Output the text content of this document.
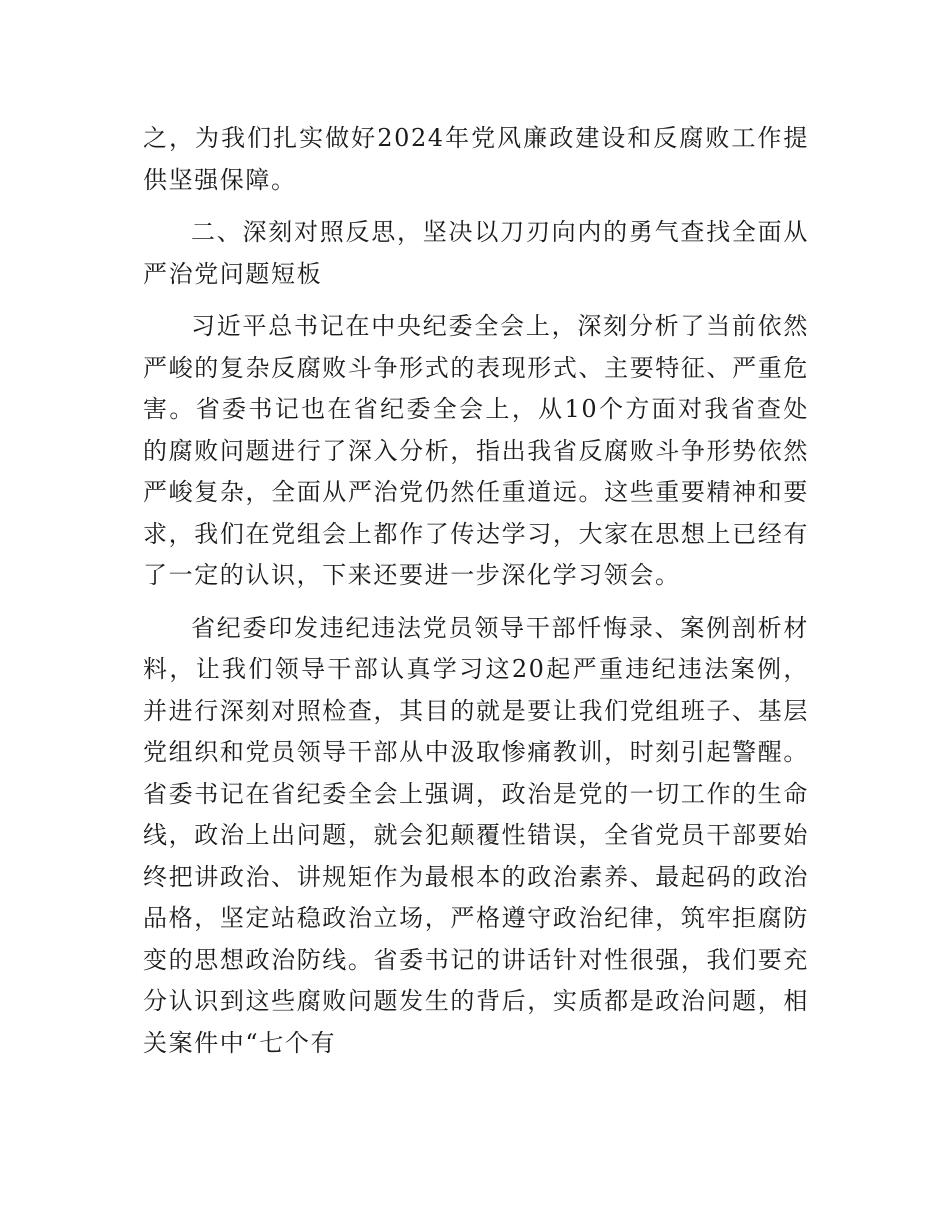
之，为我们扎实做好2024年党风廉政建设和反腐败工作提供坚强保障。

二、深刻对照反思，坚决以刀刃向内的勇气查找全面从严治党问题短板

习近平总书记在中央纪委全会上，深刻分析了当前依然严峻的复杂反腐败斗争形式的表现形式、主要特征、严重危害。省委书记也在省纪委全会上，从10个方面对我省查处的腐败问题进行了深入分析，指出我省反腐败斗争形势依然严峻复杂，全面从严治党仍然任重道远。这些重要精神和要求，我们在党组会上都作了传达学习，大家在思想上已经有了一定的认识，下来还要进一步深化学习领会。

省纪委印发违纪违法党员领导干部忏悔录、案例剖析材料，让我们领导干部认真学习这20起严重违纪违法案例，并进行深刻对照检查，其目的就是要让我们党组班子、基层党组织和党员领导干部从中汲取惨痛教训，时刻引起警醒。省委书记在省纪委全会上强调，政治是党的一切工作的生命线，政治上出问题，就会犯颠覆性错误，全省党员干部要始终把讲政治、讲规矩作为最根本的政治素养、最起码的政治品格，坚定站稳政治立场，严格遵守政治纪律，筑牢拒腐防变的思想政治防线。省委书记的讲话针对性很强，我们要充分认识到这些腐败问题发生的背后，实质都是政治问题，相关案件中“七个有
